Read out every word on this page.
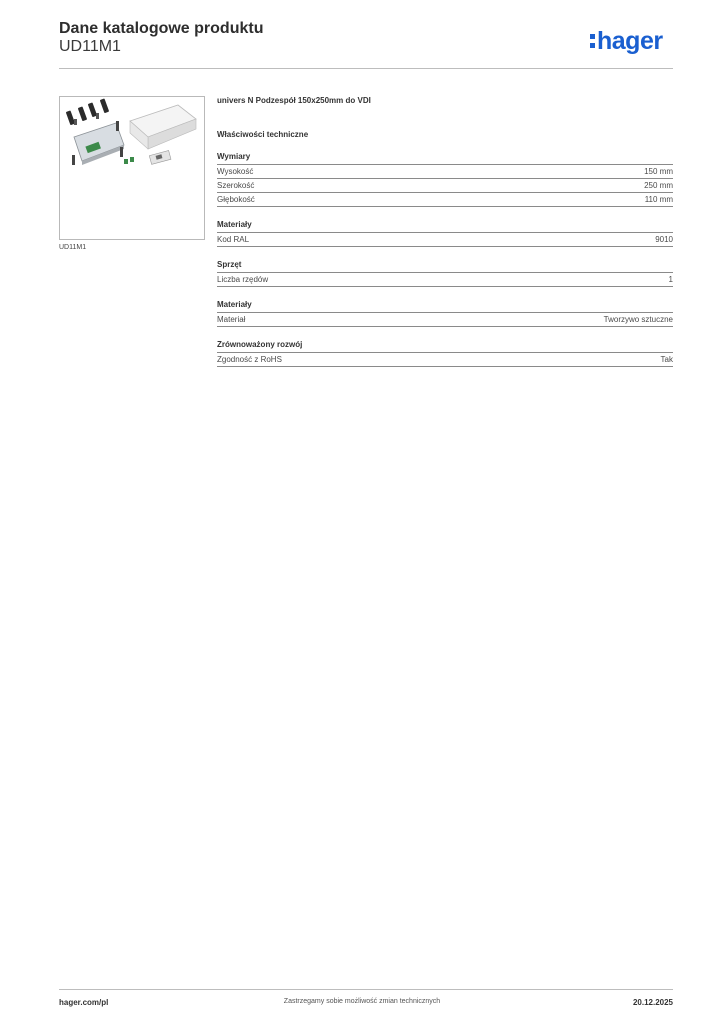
Dane katalogowe produktu
UD11M1	hager
UD11M1

univers N Podzespół 150x250mm do VDI

Właściwości techniczne
Wymiary
Wysokość	150 mm
Szerokość	250 mm
Głębokość	110 mm
Materiały
Kod RAL	9010
Sprzęt
Liczba rzędów	1
Materiały
Materiał	Tworzywo sztuczne
Zrównoważony rozwój
Zgodność z RoHS	Tak
hager.com/pl	Zastrzegamy sobie możliwość zmian technicznych	20.12.2025
